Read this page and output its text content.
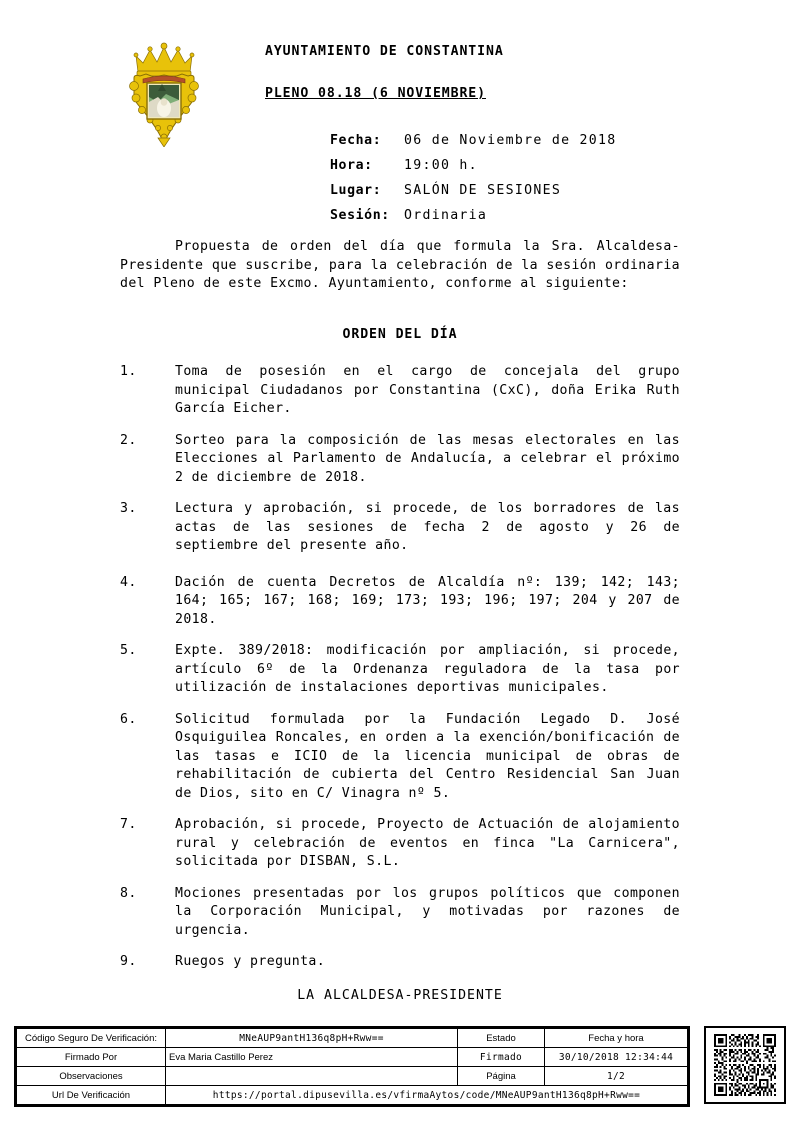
AYUNTAMIENTO DE CONSTANTINA
PLENO 08.18 (6 NOVIEMBRE)
Fecha:	06 de Noviembre de 2018
Hora:	19:00 h.
Lugar:	SALÓN DE SESIONES
Sesión:	Ordinaria
Propuesta de orden del día que formula la Sra. Alcaldesa-Presidente que suscribe, para la celebración de la sesión ordinaria del Pleno de este Excmo. Ayuntamiento, conforme al siguiente:
ORDEN DEL DÍA
1.	Toma de posesión en el cargo de concejala del grupo municipal Ciudadanos por Constantina (CxC), doña Erika Ruth García Eicher.
2.	Sorteo para la composición de las mesas electorales en las Elecciones al Parlamento de Andalucía, a celebrar el próximo 2 de diciembre de 2018.
3.	Lectura y aprobación, si procede, de los borradores de las actas de las sesiones de fecha 2 de agosto y 26 de septiembre del presente año.
4.	Dación de cuenta Decretos de Alcaldía nº: 139; 142; 143; 164; 165; 167; 168; 169; 173; 193; 196; 197; 204 y 207 de 2018.
5.	Expte. 389/2018: modificación por ampliación, si procede, artículo 6º de la Ordenanza reguladora de la tasa por utilización de instalaciones deportivas municipales.
6.	Solicitud formulada por la Fundación Legado D. José Osquiguilea Roncales, en orden a la exención/bonificación de las tasas e ICIO de la licencia municipal de obras de rehabilitación de cubierta del Centro Residencial San Juan de Dios, sito en C/ Vinagra nº 5.
7.	Aprobación, si procede, Proyecto de Actuación de alojamiento rural y celebración de eventos en finca "La Carnicera", solicitada por DISBAN, S.L.
8.	Mociones presentadas por los grupos políticos que componen la Corporación Municipal, y motivadas por razones de urgencia.
9.	Ruegos y pregunta.
LA ALCALDESA-PRESIDENTE
Código Seguro De Verificación:	MNeAUP9antH136q8pH+Rww==	Estado	Fecha y hora
Firmado Por	Eva Maria Castillo Perez	Firmado	30/10/2018 12:34:44
Observaciones		Página	1/2
Url De Verificación	https://portal.dipusevilla.es/vfirmaAytos/code/MNeAUP9antH136q8pH+Rww==		
